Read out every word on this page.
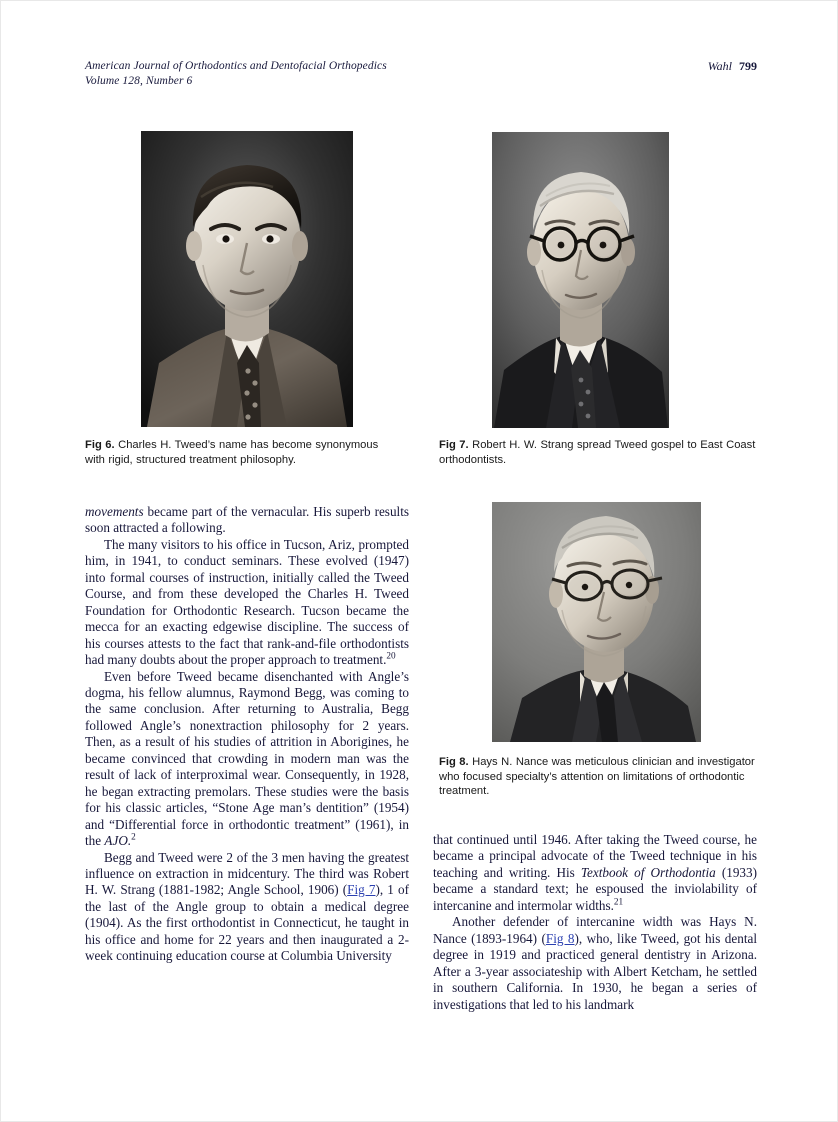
American Journal of Orthodontics and Dentofacial Orthopedics
Volume 128, Number 6
Wahl 799
Fig 6. Charles H. Tweed’s name has become synonymous with rigid, structured treatment philosophy.
Fig 7. Robert H. W. Strang spread Tweed gospel to East Coast orthodontists.
Fig 8. Hays N. Nance was meticulous clinician and investigator who focused specialty’s attention on limitations of orthodontic treatment.

movements became part of the vernacular. His superb results soon attracted a following.

The many visitors to his office in Tucson, Ariz, prompted him, in 1941, to conduct seminars. These evolved (1947) into formal courses of instruction, initially called the Tweed Course, and from these developed the Charles H. Tweed Foundation for Orthodontic Research. Tucson became the mecca for an exacting edgewise discipline. The success of his courses attests to the fact that rank-and-file orthodontists had many doubts about the proper approach to treatment.$^{20}$

Even before Tweed became disenchanted with Angle’s dogma, his fellow alumnus, Raymond Begg, was coming to the same conclusion. After returning to Australia, Begg followed Angle’s nonextraction philosophy for 2 years. Then, as a result of his studies of attrition in Aborigines, he became convinced that crowding in modern man was the result of lack of interproximal wear. Consequently, in 1928, he began extracting premolars. These studies were the basis for his classic articles, “Stone Age man’s dentition” (1954) and “Differential force in orthodontic treatment” (1961), in the AJO.$^2$

Begg and Tweed were 2 of the 3 men having the greatest influence on extraction in midcentury. The third was Robert H. W. Strang (1881-1982; Angle School, 1906) (Fig 7), 1 of the last of the Angle group to obtain a medical degree (1904). As the first orthodontist in Connecticut, he taught in his office and home for 22 years and then inaugurated a 2-week continuing education course at Columbia University

that continued until 1946. After taking the Tweed course, he became a principal advocate of the Tweed technique in his teaching and writing. His Textbook of Orthodontia (1933) became a standard text; he espoused the inviolability of intercanine and intermolar widths.$^{21}$

Another defender of intercanine width was Hays N. Nance (1893-1964) (Fig 8), who, like Tweed, got his dental degree in 1919 and practiced general dentistry in Arizona. After a 3-year associateship with Albert Ketcham, he settled in southern California. In 1930, he began a series of investigations that led to his landmark
